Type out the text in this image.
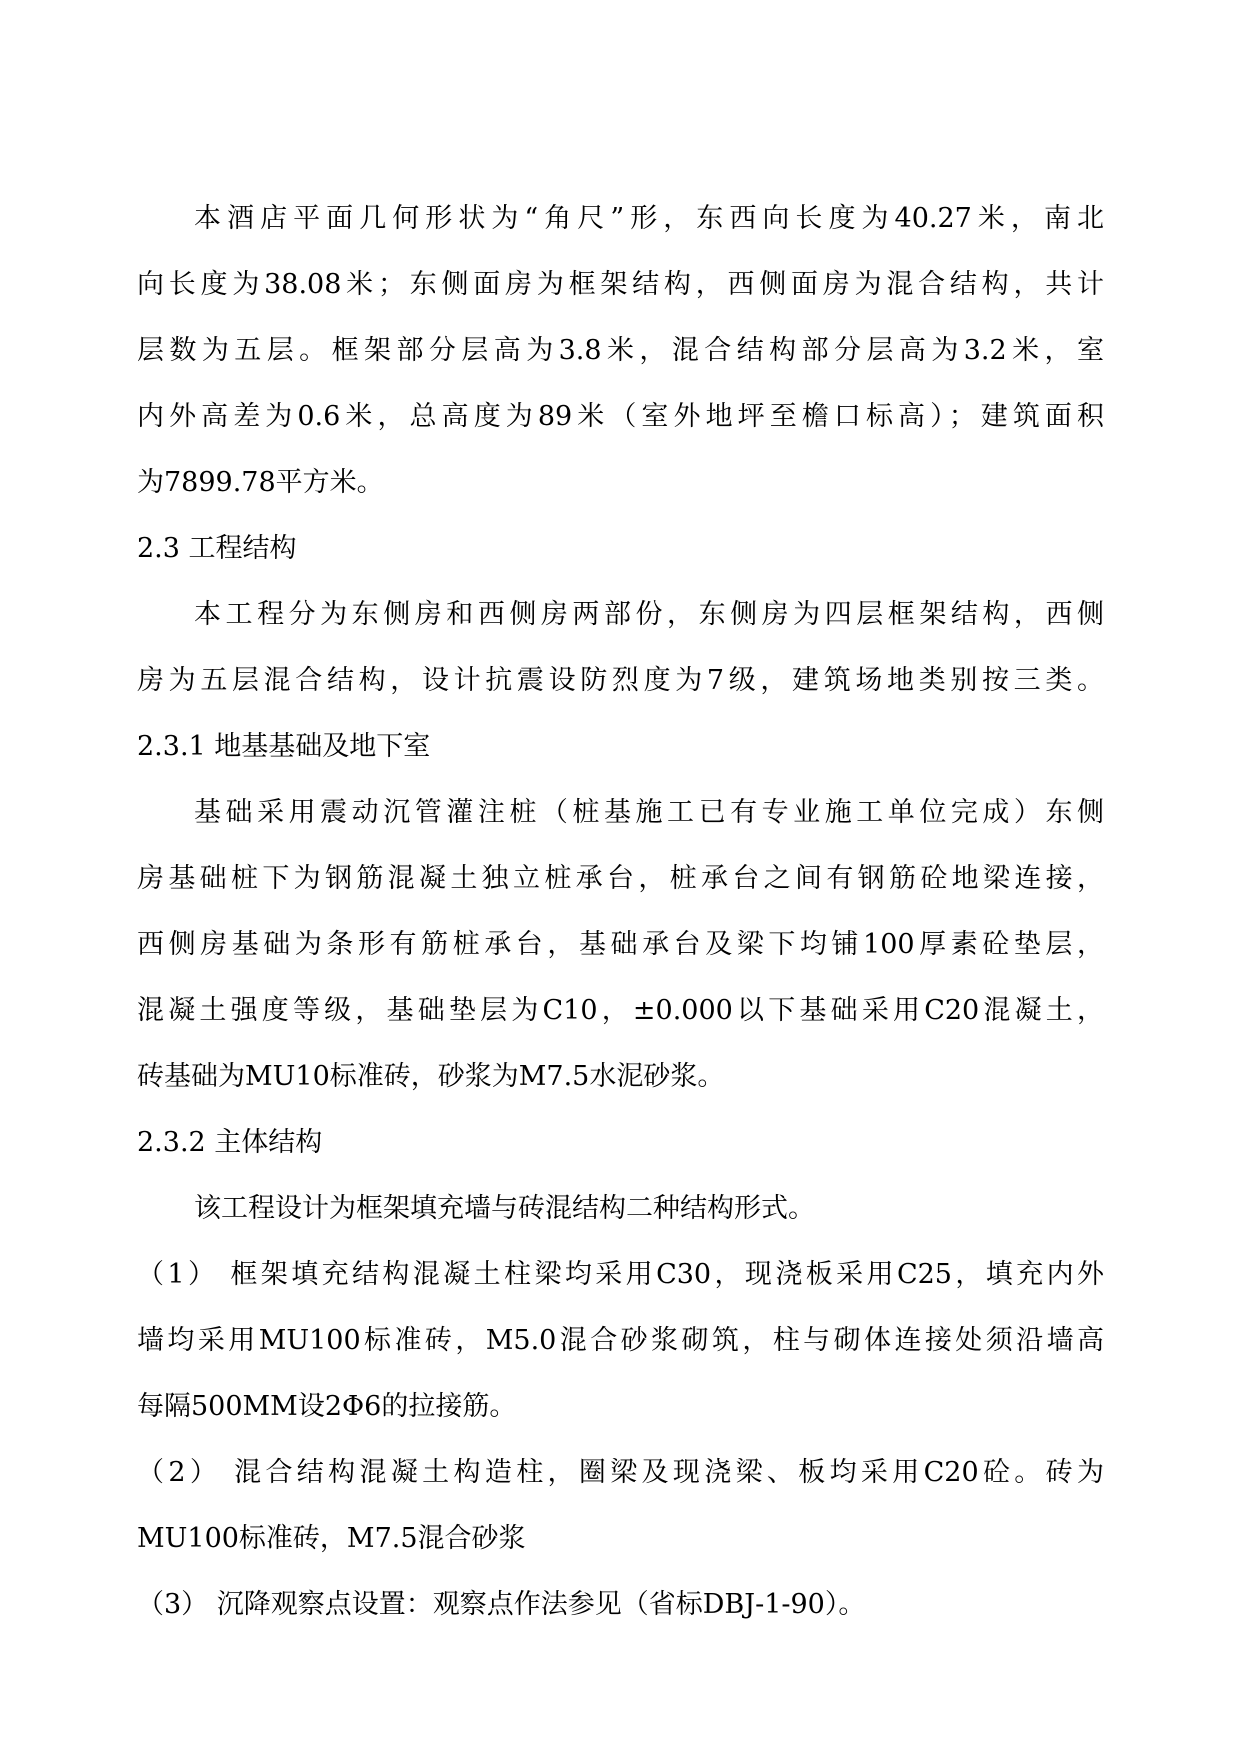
本酒店平面几何形状为“角尺”形，东西向长度为40.27米，南北
向长度为38.08米；东侧面房为框架结构，西侧面房为混合结构，共计
层数为五层。框架部分层高为3.8米，混合结构部分层高为3.2米，室
内外高差为0.6米，总高度为89米（室外地坪至檐口标高）；建筑面积
为7899.78平方米。
2.3 工程结构
本工程分为东侧房和西侧房两部份，东侧房为四层框架结构，西侧
房为五层混合结构，设计抗震设防烈度为7级，建筑场地类别按三类。
2.3.1 地基基础及地下室
基础采用震动沉管灌注桩（桩基施工已有专业施工单位完成）东侧
房基础桩下为钢筋混凝土独立桩承台，桩承台之间有钢筋砼地梁连接，
西侧房基础为条形有筋桩承台，基础承台及梁下均铺100厚素砼垫层，
混凝土强度等级，基础垫层为C10，±0.000以下基础采用C20混凝土，
砖基础为MU10标准砖，砂浆为M7.5水泥砂浆。
2.3.2 主体结构
该工程设计为框架填充墙与砖混结构二种结构形式。
（1） 框架填充结构混凝土柱梁均采用C30，现浇板采用C25，填充内外
墙均采用MU100标准砖，M5.0混合砂浆砌筑，柱与砌体连接处须沿墙高
每隔500MM设2Φ6的拉接筋。
（2） 混合结构混凝土构造柱，圈梁及现浇梁、板均采用C20砼。砖为
MU100标准砖，M7.5混合砂浆
（3） 沉降观察点设置：观察点作法参见（省标DBJ-1-90）。
